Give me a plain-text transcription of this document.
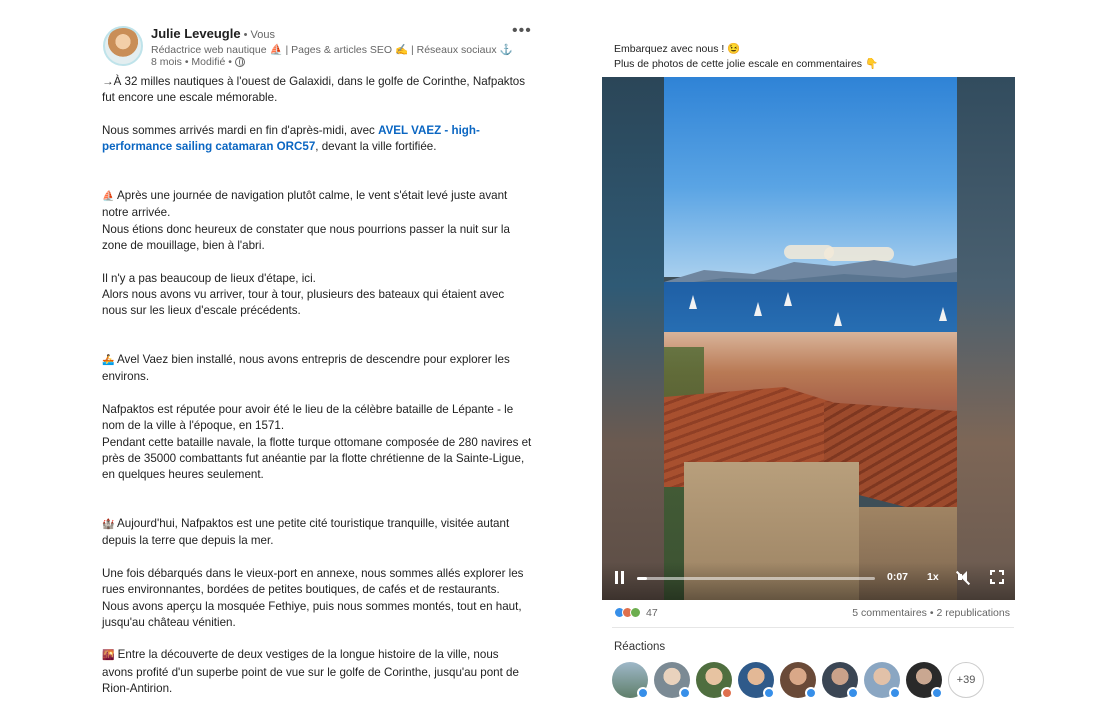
Julie Leveugle • Vous
Rédactrice web nautique ⛵ | Pages & articles SEO ✍ | Réseaux sociaux ⚓
8 mois • Modifié •
•••

→À 32 milles nautiques à l'ouest de Galaxidi, dans le golfe de Corinthe, Nafpaktos fut encore une escale mémorable.

Nous sommes arrivés mardi en fin d'après-midi, avec AVEL VAEZ - high-performance sailing catamaran ORC57, devant la ville fortifiée.

⛵ Après une journée de navigation plutôt calme, le vent s'était levé juste avant notre arrivée.

Nous étions donc heureux de constater que nous pourrions passer la nuit sur la zone de mouillage, bien à l'abri.

Il n'y a pas beaucoup de lieux d'étape, ici.

Alors nous avons vu arriver, tour à tour, plusieurs des bateaux qui étaient avec nous sur les lieux d'escale précédents.

🚣 Avel Vaez bien installé, nous avons entrepris de descendre pour explorer les environs.

Nafpaktos est réputée pour avoir été le lieu de la célèbre bataille de Lépante - le nom de la ville à l'époque, en 1571.

Pendant cette bataille navale, la flotte turque ottomane composée de 280 navires et près de 35000 combattants fut anéantie par la flotte chrétienne de la Sainte-Ligue, en quelques heures seulement.

🏰 Aujourd'hui, Nafpaktos est une petite cité touristique tranquille, visitée autant depuis la terre que depuis la mer.

Une fois débarqués dans le vieux-port en annexe, nous sommes allés explorer les rues environnantes, bordées de petites boutiques, de cafés et de restaurants.

Nous avons aperçu la mosquée Fethiye, puis nous sommes montés, tout en haut, jusqu'au château vénitien.

🌇 Entre la découverte de deux vestiges de la longue histoire de la ville, nous avons profité d'un superbe point de vue sur le golfe de Corinthe, jusqu'au pont de Rion-Antirion.

Embarquez avec nous ! 😉
Plus de photos de cette jolie escale en commentaires 👇
0:07 1x
47	5 commentaires • 2 republications
Réactions
+39
